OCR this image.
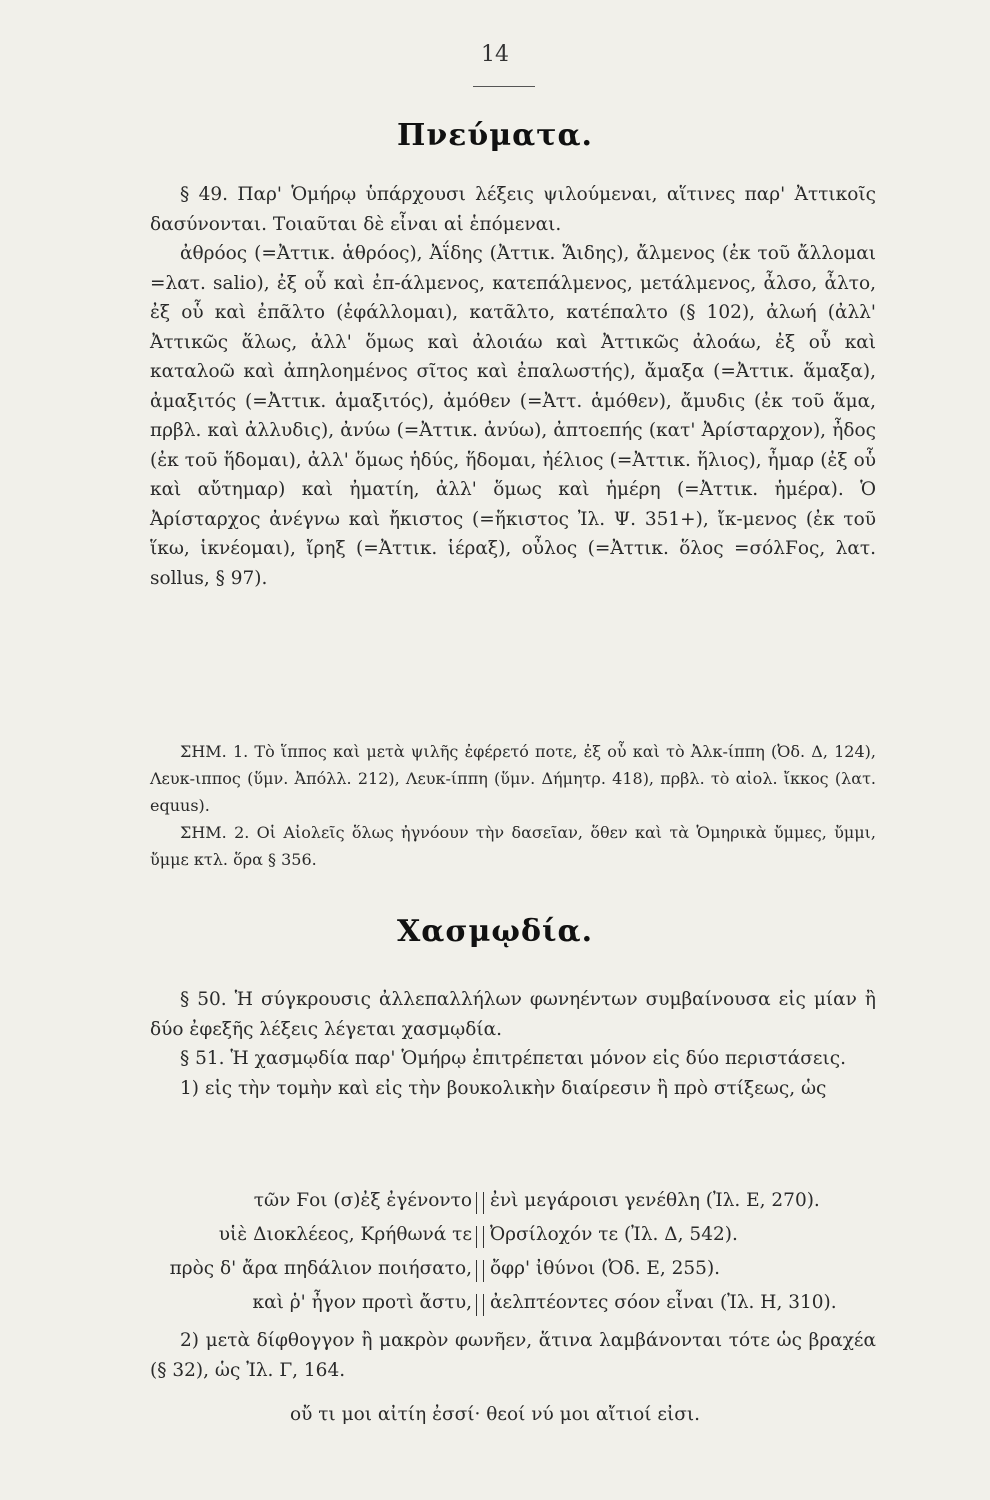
14
Πνεύματα.

§ 49. Παρ' Ὁμήρῳ ὑπάρχουσι λέξεις ψιλούμεναι, αἵτινες παρ' Ἀττικοῖς δασύνονται. Τοιαῦται δὲ εἶναι αἱ ἑπόμεναι.

ἀθρόος (=Ἀττικ. ἁθρόος), Ἀΐδης (Ἀττικ. Ἅιδης), ἄλμενος (ἐκ τοῦ ἄλλομαι =λατ. salio), ἐξ οὗ καὶ ἐπ-άλμενος, κατεπάλμενος, μετάλμενος, ἆλσο, ἆλτο, ἐξ οὗ καὶ ἐπᾶλτο (ἐφάλλομαι), κατᾶλτο, κατέπαλτο (§ 102), ἀλωή (ἀλλ' Ἀττικῶς ἅλως, ἀλλ' ὅμως καὶ ἀλοιάω καὶ Ἀττικῶς ἀλοάω, ἐξ οὗ καὶ καταλοῶ καὶ ἀπηλοημένος σῖτος καὶ ἐπαλωστής), ἄμαξα (=Ἀττικ. ἅμαξα), ἀμαξιτός (=Ἀττικ. ἁμαξιτός), ἀμόθεν (=Ἀττ. ἁμόθεν), ἄμυδις (ἐκ τοῦ ἅμα, πρβλ. καὶ ἀλλυδις), ἀνύω (=Ἀττικ. ἀνύω), ἀπτοεπής (κατ' Ἀρίσταρχον), ἦδος (ἐκ τοῦ ἥδομαι), ἀλλ' ὅμως ἡδύς, ἥδομαι, ἠέλιος (=Ἀττικ. ἥλιος), ἦμαρ (ἐξ οὗ καὶ αὔτημαρ) καὶ ἠματίη, ἀλλ' ὅμως καὶ ἡμέρη (=Ἀττικ. ἡμέρα). Ὁ Ἀρίσταρχος ἀνέγνω καὶ ἤκιστος (=ἥκιστος Ἰλ. Ψ. 351+), ἴκ-μενος (ἐκ τοῦ ἵκω, ἱκνέομαι), ἴρηξ (=Ἀττικ. ἱέραξ), οὖλος (=Ἀττικ. ὅλος =σόλϜος, λατ. sollus, § 97).

ΣΗΜ. 1. Τὸ ἵππος καὶ μετὰ ψιλῆς ἐφέρετό ποτε, ἐξ οὗ καὶ τὸ Ἀλκ-ίππη (Ὀδ. Δ, 124), Λευκ-ιππος (ὕμν. Ἀπόλλ. 212), Λευκ-ίππη (ὕμν. Δήμητρ. 418), πρβλ. τὸ αἰολ. ἴκκος (λατ. equus).

ΣΗΜ. 2. Οἱ Αἰολεῖς ὅλως ἠγνόουν τὴν δασεῖαν, ὅθεν καὶ τὰ Ὁμηρικὰ ὔμμες, ὔμμι, ὔμμε κτλ. ὅρα § 356.

Χασμῳδία.

§ 50. Ἡ σύγκρουσις ἀλλεπαλλήλων φωνηέντων συμβαίνουσα εἰς μίαν ἢ δύο ἐφεξῆς λέξεις λέγεται χασμῳδία.

§ 51. Ἡ χασμῳδία παρ' Ὁμήρῳ ἐπιτρέπεται μόνον εἰς δύο περιστάσεις.

1) εἰς τὴν τομὴν καὶ εἰς τὴν βουκολικὴν διαίρεσιν ἢ πρὸ στίξεως, ὡς

τῶν Ϝοι (σ)ἐξ ἐγένοντο ἐνὶ μεγάροισι γενέθλη (Ἰλ. Ε, 270).
υἱὲ Διοκλέεος, Κρήθωνά τε Ὀρσίλοχόν τε (Ἰλ. Δ, 542).
πρὸς δ' ἄρα πηδάλιον ποιήσατο, ὄφρ' ἰθύνοι (Ὀδ. Ε, 255).
καὶ ῥ' ἦγον προτὶ ἄστυ, ἀελπτέοντες σόον εἶναι (Ἰλ. Η, 310).

2) μετὰ δίφθογγον ἢ μακρὸν φωνῆεν, ἅτινα λαμβάνονται τότε ὡς βραχέα (§ 32), ὡς Ἰλ. Γ, 164.

οὔ τι μοι αἰτίη ἐσσί· θεοί νύ μοι αἴτιοί εἰσι.
